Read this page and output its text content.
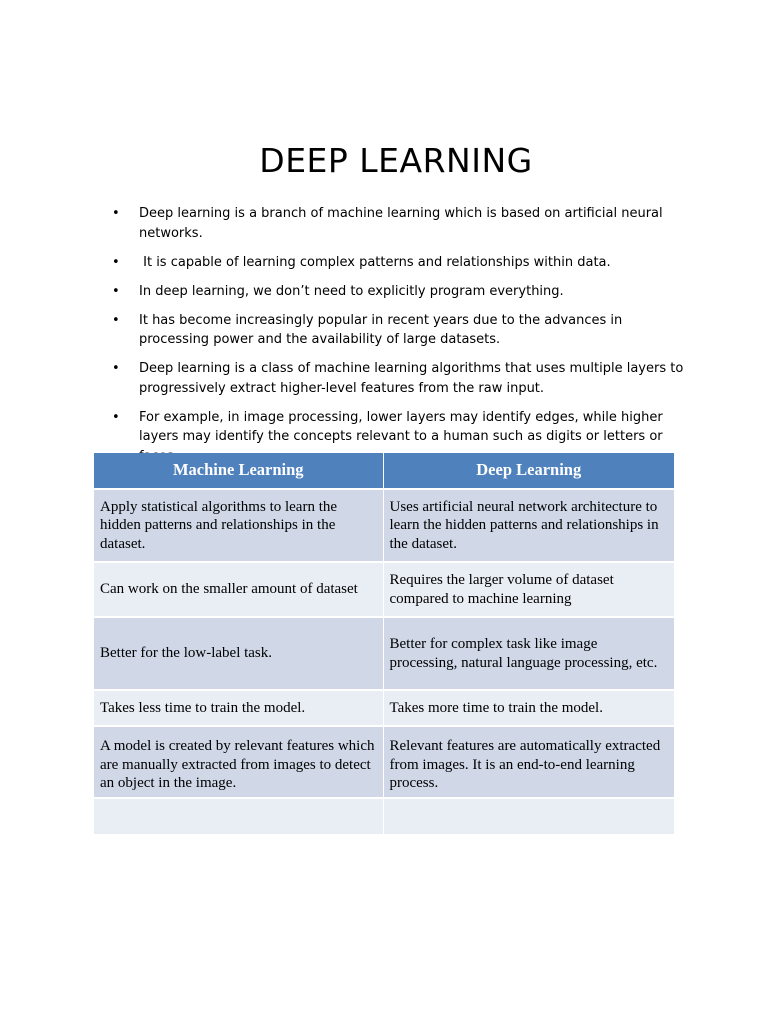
DEEP LEARNING
• Deep learning is a branch of machine learning which is based on artificial neural networks.
• It is capable of learning complex patterns and relationships within data.
• In deep learning, we don’t need to explicitly program everything.
• It has become increasingly popular in recent years due to the advances in processing power and the availability of large datasets.
• Deep learning is a class of machine learning algorithms that uses multiple layers to progressively extract higher-level features from the raw input.
• For example, in image processing, lower layers may identify edges, while higher layers may identify the concepts relevant to a human such as digits or letters or
Machine Learning	Deep Learning
Apply statistical algorithms to learn the hidden patterns and relationships in the dataset.	Uses artificial neural network architecture to learn the hidden patterns and relationships in the dataset.
Can work on the smaller amount of dataset	Requires the larger volume of dataset compared to machine learning
Better for the low-label task.	Better for complex task like image processing, natural language processing, etc.
Takes less time to train the model.	Takes more time to train the model.
A model is created by relevant features which are manually extracted from images to detect an object in the image.	Relevant features are automatically extracted from images. It is an end-to-end learning process.
